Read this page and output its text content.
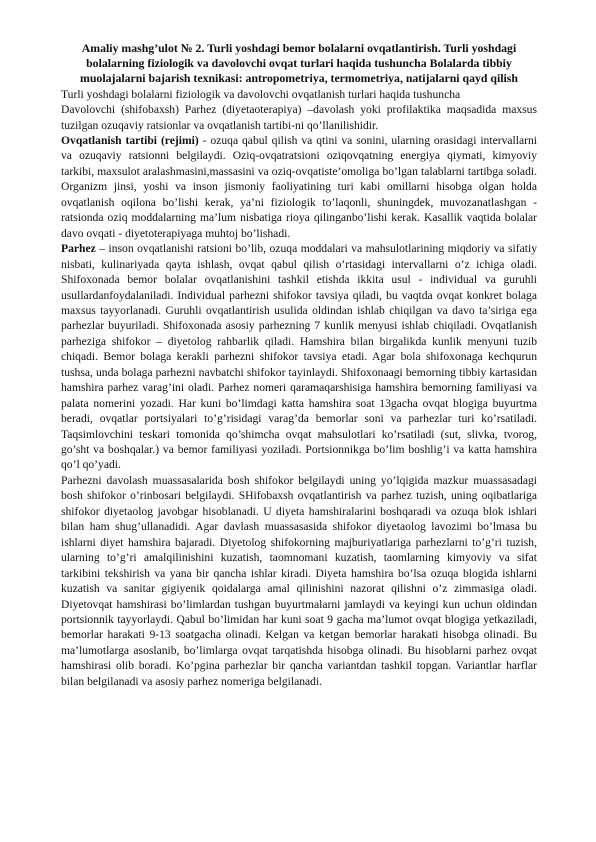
Amaliy mashg’ulot № 2. Turli yoshdagi bemor bolalarni ovqatlantirish. Turli yoshdagi bolalarning fiziologik va davolovchi ovqat turlari haqida tushuncha Bolalarda tibbiy muolajalarni bajarish texnikasi: antropometriya, termometriya, natijalarni qayd qilish

Turli yoshdagi bolalarni fiziologik va davolovchi ovqatlanish turlari haqida tushuncha

Davolovchi (shifobaxsh) Parhez (diyetaoterapiya) –davolash yoki profilaktika maqsadida maxsus tuzilgan ozuqaviy ratsionlar va ovqatlanish tartibi-ni qo’llanilishidir.

Ovqatlanish tartibi (rejimi) - ozuqa qabul qilish va qtini va sonini, ularning orasidagi intervallarni va ozuqaviy ratsionni belgilaydi. Oziq-ovqatratsioni oziqovqatning energiya qiymati, kimyoviy tarkibi, maxsulot aralashmasini,massasini va oziq-ovqatiste’omoliga bo’lgan talablarni tartibga soladi. Organizm jinsi, yoshi va inson jismoniy faoliyatining turi kabi omillarni hisobga olgan holda ovqatlanish oqilona bo’lishi kerak, ya’ni fiziologik to’laqonli, shuningdek, muvozanatlashgan - ratsionda oziq moddalarning ma’lum nisbatiga rioya qilinganbo’lishi kerak. Kasallik vaqtida bolalar davo ovqati - diyetoterapiyaga muhtoj bo’lishadi.

Parhez – inson ovqatlanishi ratsioni bo’lib, ozuqa moddalari va mahsulotlarining miqdoriy va sifatiy nisbati, kulinariyada qayta ishlash, ovqat qabul qilish o’rtasidagi intervallarni o’z ichiga oladi. Shifoxonada bemor bolalar ovqatlanishini tashkil etishda ikkita usul - individual va guruhli usullardanfoydalaniladi. Individual parhezni shifokor tavsiya qiladi, bu vaqtda ovqat konkret bolaga maxsus tayyorlanadi. Guruhli ovqatlantirish usulida oldindan ishlab chiqilgan va davo ta’siriga ega parhezlar buyuriladi. Shifoxonada asosiy parhezning 7 kunlik menyusi ishlab chiqiladi. Ovqatlanish parheziga shifokor – diyetolog rahbarlik qiladi. Hamshira bilan birgalikda kunlik menyuni tuzib chiqadi. Bemor bolaga kerakli parhezni shifokor tavsiya etadi. Agar bola shifoxonaga kechqurun tushsa, unda bolaga parhezni navbatchi shifokor tayinlaydi. Shifoxonaagi bemorning tibbiy kartasidan hamshira parhez varag’ini oladi. Parhez nomeri qaramaqarshisiga hamshira bemorning familiyasi va palata nomerini yozadi. Har kuni bo’limdagi katta hamshira soat 13gacha ovqat blogiga buyurtma beradi, ovqatlar portsiyalari to’g’risidagi varag’da bemorlar soni va parhezlar turi ko’rsatiladi. Taqsimlovchini teskari tomonida qo’shimcha ovqat mahsulotlari ko’rsatiladi (sut, slivka, tvorog, go’sht va boshqalar.) va bemor familiyasi yoziladi. Portsionnikga bo’lim boshlig’i va katta hamshira qo’l qo’yadi.

Parhezni davolash muassasalarida bosh shifokor belgilaydi uning yo’lqigida mazkur muassasadagi bosh shifokor o’rinbosari belgilaydi. SHifobaxsh ovqatlantirish va parhez tuzish, uning oqibatlariga shifokor diyetaolog javobgar hisoblanadi. U diyeta hamshiralarini boshqaradi va ozuqa blok ishlari bilan ham shug’ullanadidi. Agar davlash muassasasida shifokor diyetaolog lavozimi bo’lmasa bu ishlarni diyet hamshira bajaradi. Diyetolog shifokorning majburiyatlariga parhezlarni to’g’ri tuzish, ularning to’g’ri amalqilinishini kuzatish, taomnomani kuzatish, taomlarning kimyoviy va sifat tarkibini tekshirish va yana bir qancha ishlar kiradi. Diyeta hamshira bo’lsa ozuqa blogida ishlarni kuzatish va sanitar gigiyenik qoidalarga amal qilinishini nazorat qilishni o’z zimmasiga oladi. Diyetovqat hamshirasi bo’limlardan tushgan buyurtmalarni jamlaydi va keyingi kun uchun oldindan portsionnik tayyorlaydi. Qabul bo’limidan har kuni soat 9 gacha ma’lumot ovqat blogiga yetkaziladi, bemorlar harakati 9-13 soatgacha olinadi. Kelgan va ketgan bemorlar harakati hisobga olinadi. Bu ma’lumotlarga asoslanib, bo’limlarga ovqat tarqatishda hisobga olinadi. Bu hisoblarni parhez ovqat hamshirasi olib boradi. Ko’pgina parhezlar bir qancha variantdan tashkil topgan. Variantlar harflar bilan belgilanadi va asosiy parhez nomeriga belgilanadi.
